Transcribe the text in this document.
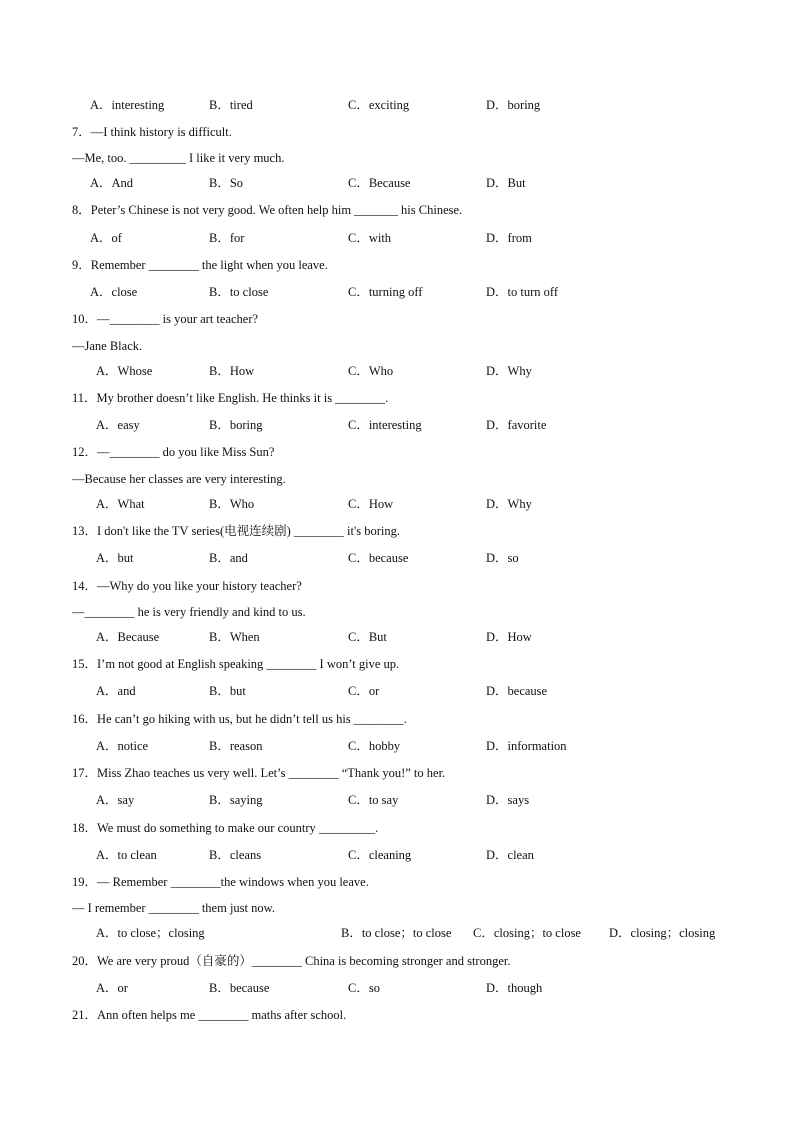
A．interesting	B．tired	C．exciting	D．boring
7．—I think history is difficult.
—Me, too. _________ I like it very much.
A．And	B．So	C．Because	D．But
8．Peter’s Chinese is not very good. We often help him _______ his Chinese.
A．of	B．for	C．with	D．from
9．Remember ________ the light when you leave.
A．close	B．to close	C．turning off	D．to turn off
10．—________ is your art teacher?
—Jane Black.
A．Whose	B．How	C．Who	D．Why
11．My brother doesn’t like English. He thinks it is ________.
A．easy	B．boring	C．interesting	D．favorite
12．—________ do you like Miss Sun?
—Because her classes are very interesting.
A．What	B．Who	C．How	D．Why
13．I don't like the TV series(电视连续剧) ________ it's boring.
A．but	B．and	C．because	D．so
14．—Why do you like your history teacher?
—________ he is very friendly and kind to us.
A．Because	B．When	C．But	D．How
15．I’m not good at English speaking ________ I won’t give up.
A．and	B．but	C．or	D．because
16．He can’t go hiking with us, but he didn’t tell us his ________.
A．notice	B．reason	C．hobby	D．information
17．Miss Zhao teaches us very well. Let’s ________ “Thank you!” to her.
A．say	B．saying	C．to say	D．says
18．We must do something to make our country _________.
A．to clean	B．cleans	C．cleaning	D．clean
19．— Remember ________the windows when you leave.
— I remember ________ them just now.
A．to close；closing	B．to close；to close C．closing；to close D．closing；closing
20．We are very proud（自豪的）________ China is becoming stronger and stronger.
A．or	B．because	C．so	D．though
21．Ann often helps me ________ maths after school.
